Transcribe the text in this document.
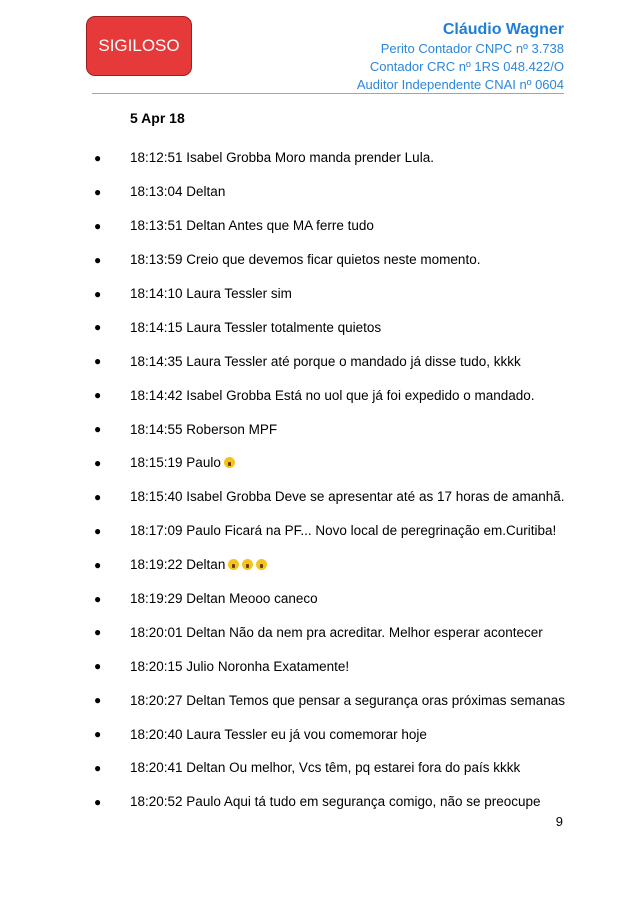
SIGILOSO
Cláudio Wagner
Perito Contador CNPC nº 3.738
Contador CRC nº 1RS 048.422/O
Auditor Independente CNAI nº 0604
5 Apr 18
●	18:12:51 Isabel Grobba Moro manda prender Lula.
●	18:13:04 Deltan
●	18:13:51 Deltan Antes que MA ferre tudo
●	18:13:59 Creio que devemos ficar quietos neste momento.
●	18:14:10 Laura Tessler sim
●	18:14:15 Laura Tessler totalmente quietos
●	18:14:35 Laura Tessler até porque o mandado já disse tudo, kkkk
●	18:14:42 Isabel Grobba Está no uol que já foi expedido o mandado.
●	18:14:55 Roberson MPF
●	18:15:19 Paulo
●	18:15:40 Isabel Grobba Deve se apresentar até as 17 horas de amanhã.
●	18:17:09 Paulo Ficará na PF... Novo local de peregrinação em.Curitiba!
●	18:19:22 Deltan
●	18:19:29 Deltan Meooo caneco
●	18:20:01 Deltan Não da nem pra acreditar. Melhor esperar acontecer
●	18:20:15 Julio Noronha Exatamente!
●	18:20:27 Deltan Temos que pensar a segurança oras próximas semanas
●	18:20:40 Laura Tessler eu já vou comemorar hoje
●	18:20:41 Deltan Ou melhor, Vcs têm, pq estarei fora do país kkkk
●	18:20:52 Paulo Aqui tá tudo em segurança comigo, não se preocupe
9
